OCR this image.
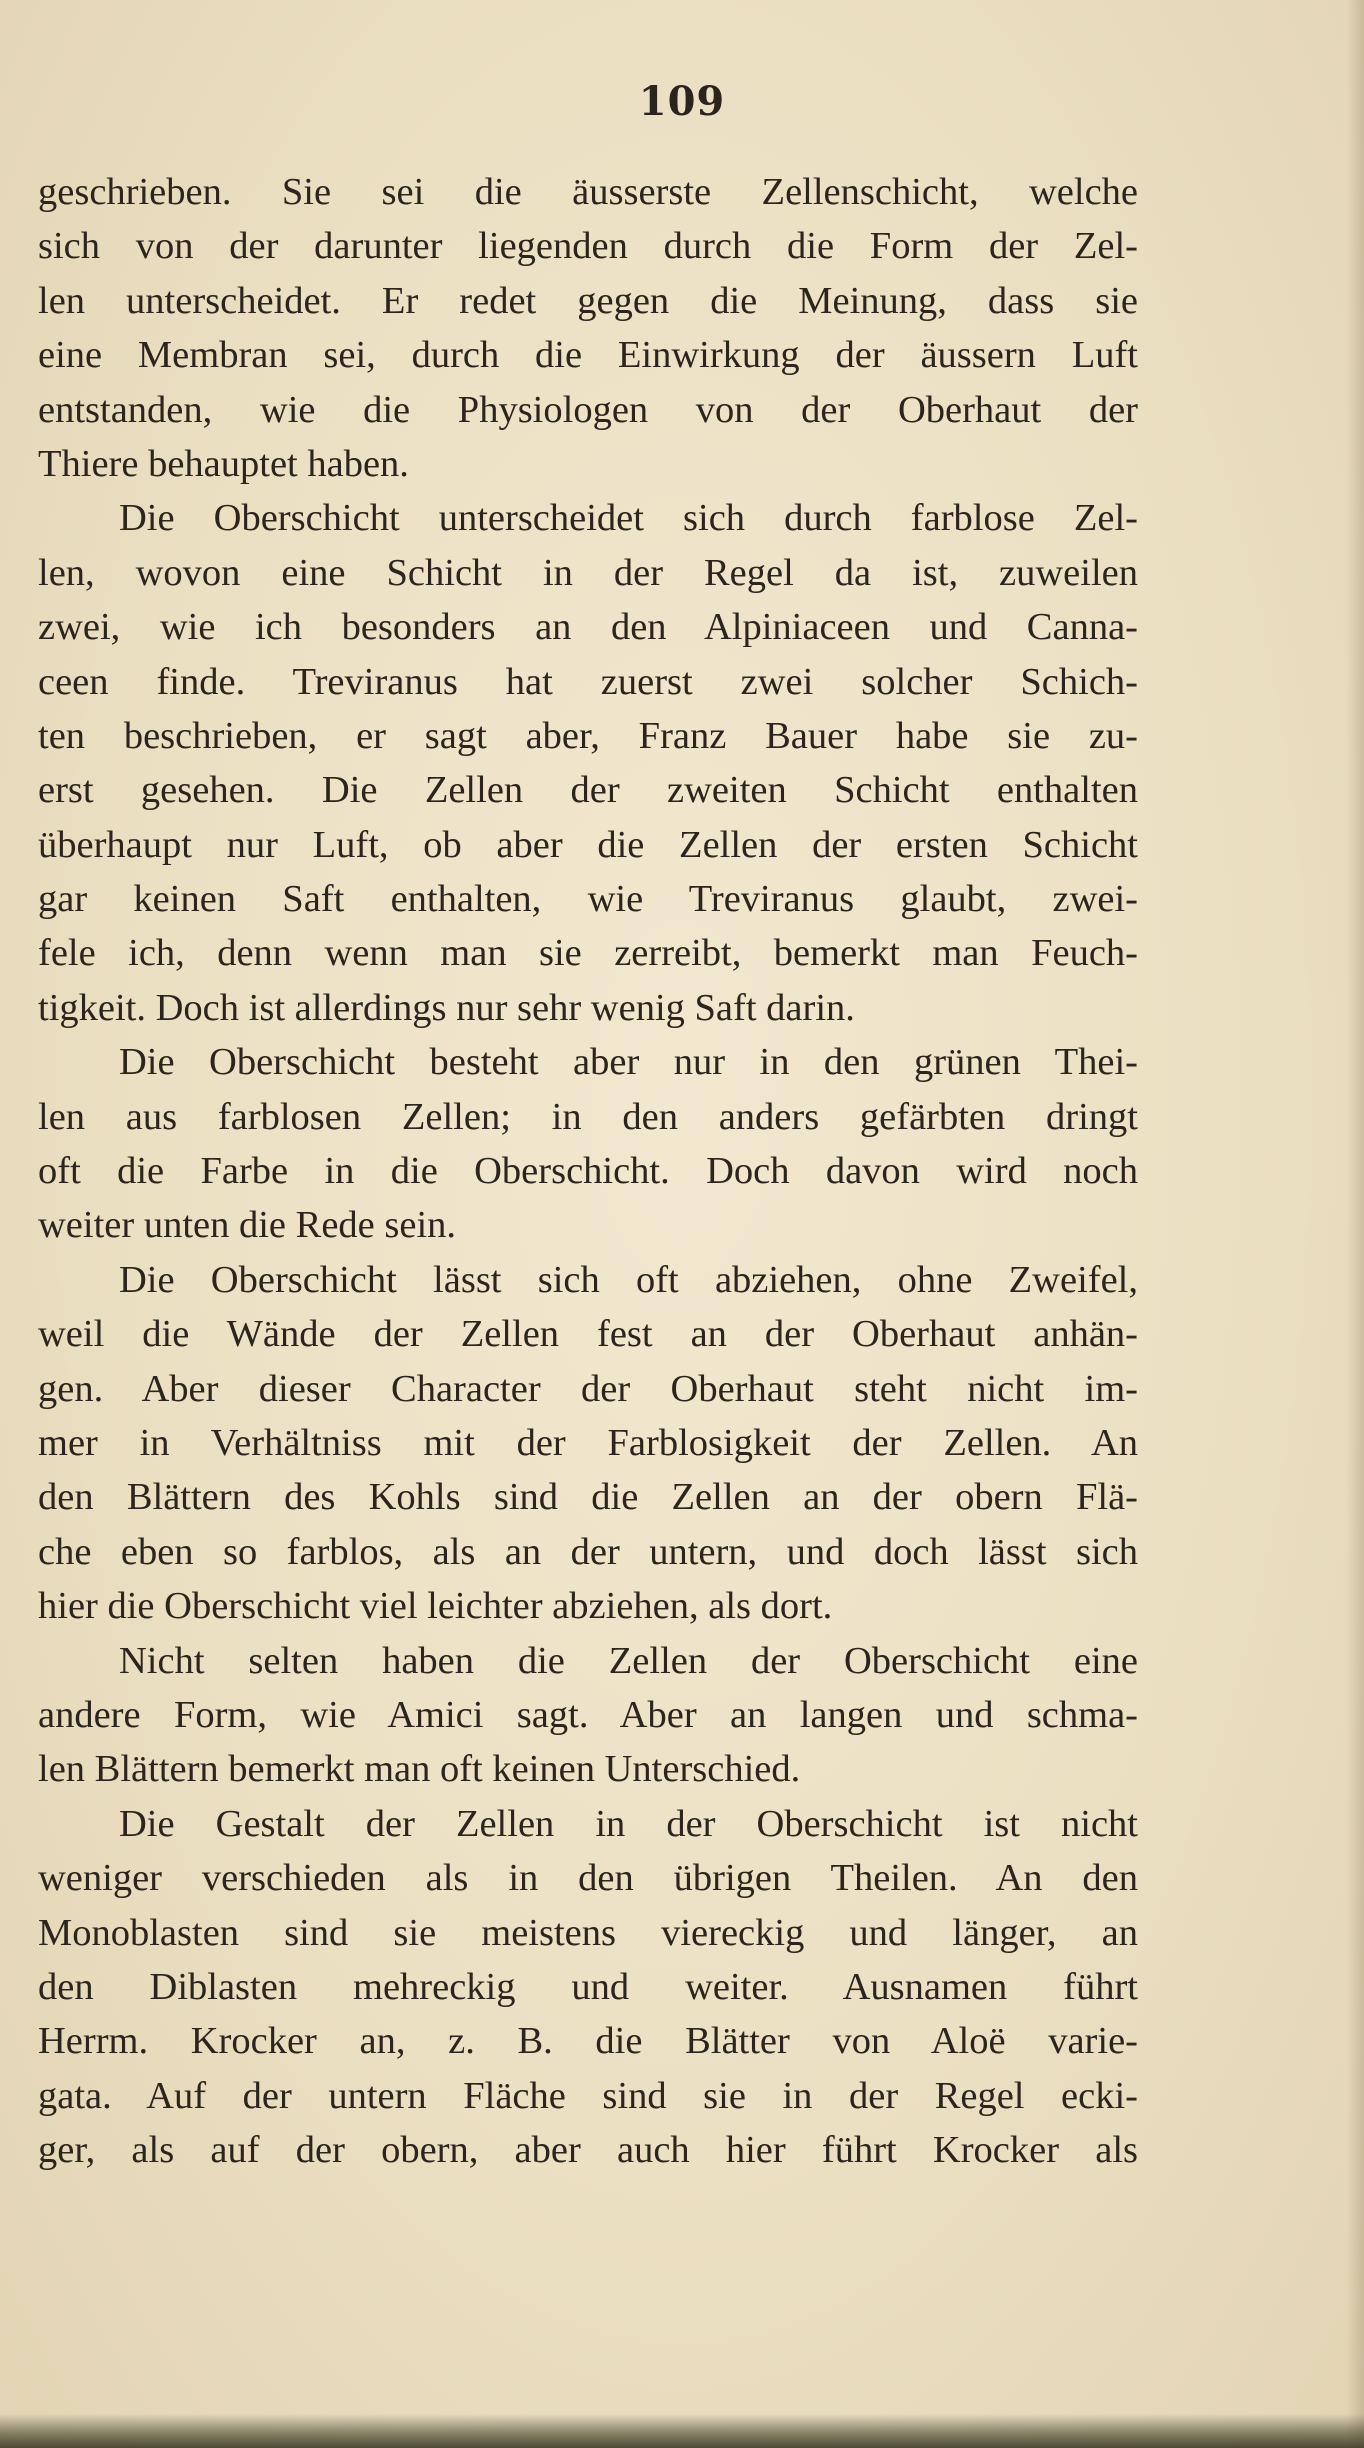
109
geschrieben. Sie sei die äusserste Zellenschicht, welche
sich von der darunter liegenden durch die Form der Zel-
len unterscheidet. Er redet gegen die Meinung, dass sie
eine Membran sei, durch die Einwirkung der äussern Luft
entstanden, wie die Physiologen von der Oberhaut der
Thiere behauptet haben.
Die Oberschicht unterscheidet sich durch farblose Zel-
len, wovon eine Schicht in der Regel da ist, zuweilen
zwei, wie ich besonders an den Alpiniaceen und Canna-
ceen finde. Treviranus hat zuerst zwei solcher Schich-
ten beschrieben, er sagt aber, Franz Bauer habe sie zu-
erst gesehen. Die Zellen der zweiten Schicht enthalten
überhaupt nur Luft, ob aber die Zellen der ersten Schicht
gar keinen Saft enthalten, wie Treviranus glaubt, zwei-
fele ich, denn wenn man sie zerreibt, bemerkt man Feuch-
tigkeit. Doch ist allerdings nur sehr wenig Saft darin.
Die Oberschicht besteht aber nur in den grünen Thei-
len aus farblosen Zellen; in den anders gefärbten dringt
oft die Farbe in die Oberschicht. Doch davon wird noch
weiter unten die Rede sein.
Die Oberschicht lässt sich oft abziehen, ohne Zweifel,
weil die Wände der Zellen fest an der Oberhaut anhän-
gen. Aber dieser Character der Oberhaut steht nicht im-
mer in Verhältniss mit der Farblosigkeit der Zellen. An
den Blättern des Kohls sind die Zellen an der obern Flä-
che eben so farblos, als an der untern, und doch lässt sich
hier die Oberschicht viel leichter abziehen, als dort.
Nicht selten haben die Zellen der Oberschicht eine
andere Form, wie Amici sagt. Aber an langen und schma-
len Blättern bemerkt man oft keinen Unterschied.
Die Gestalt der Zellen in der Oberschicht ist nicht
weniger verschieden als in den übrigen Theilen. An den
Monoblasten sind sie meistens viereckig und länger, an
den Diblasten mehreckig und weiter. Ausnamen führt
Herrm. Krocker an, z. B. die Blätter von Aloë varie-
gata. Auf der untern Fläche sind sie in der Regel ecki-
ger, als auf der obern, aber auch hier führt Krocker als
